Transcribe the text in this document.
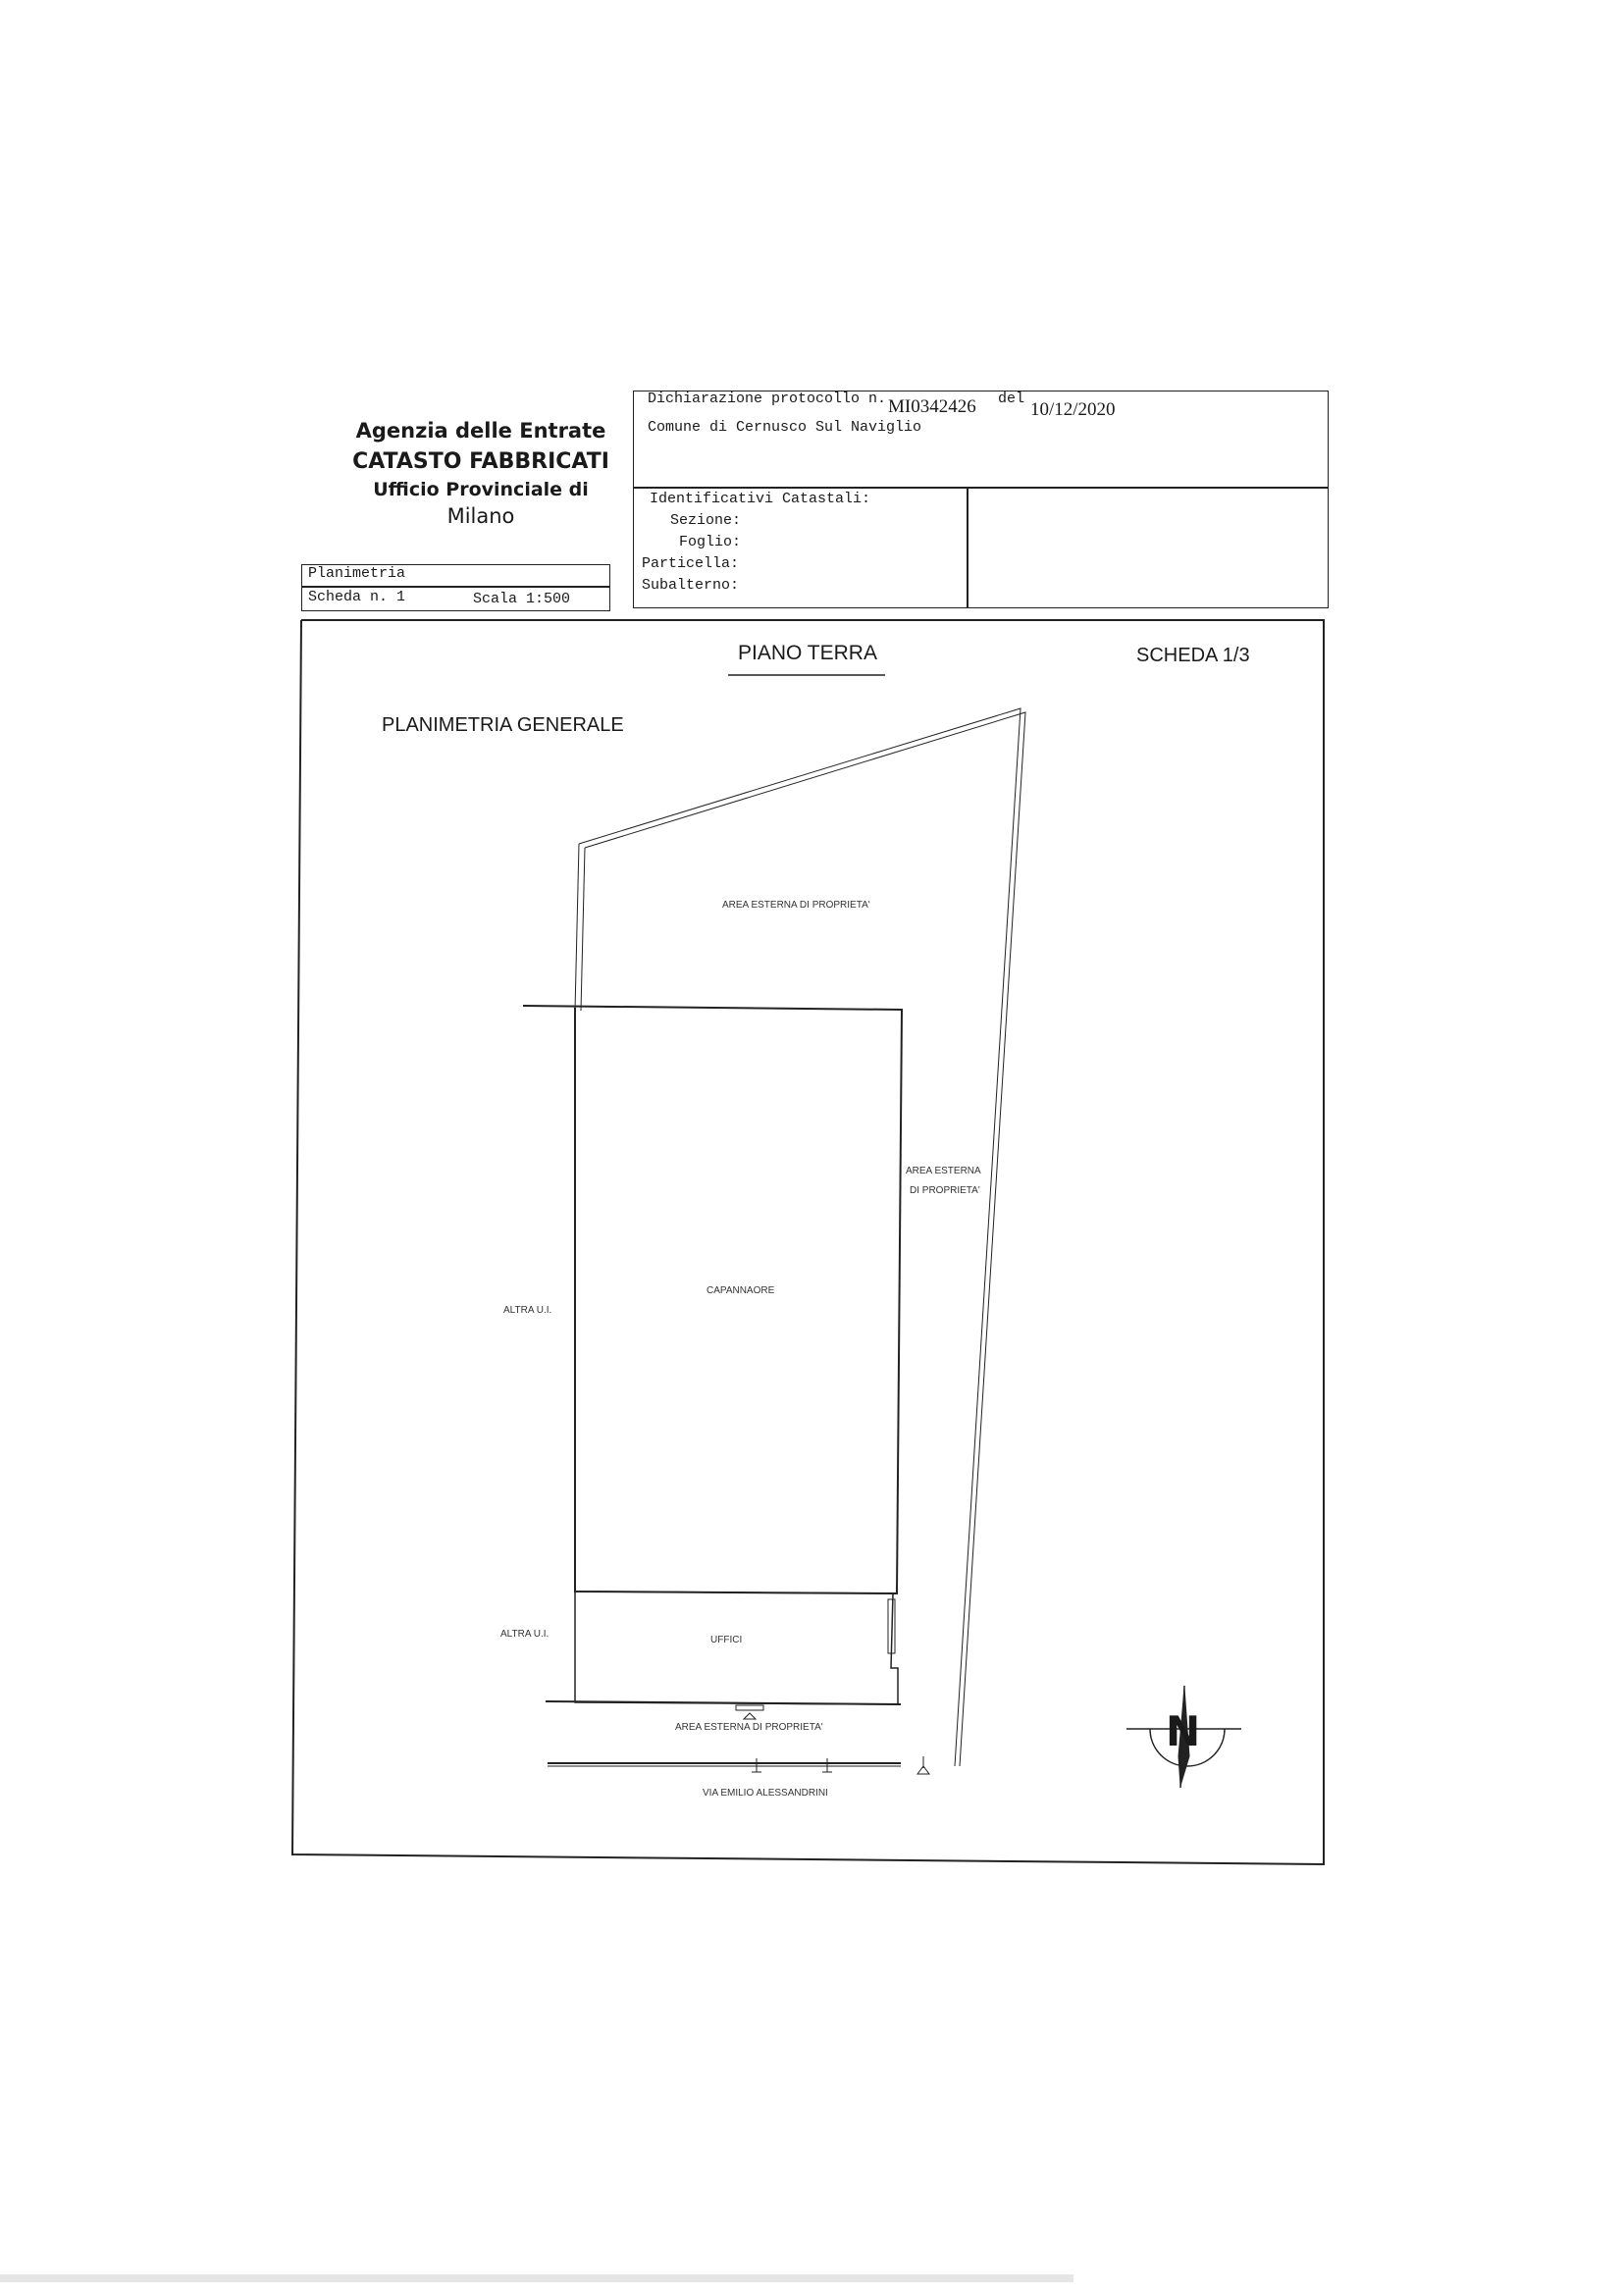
Agenzia delle Entrate
CATASTO FABBRICATI
Ufficio Provinciale di
Milano
Dichiarazione protocollo n. MI0342426 del
10/12/2020
Comune di Cernusco Sul Naviglio
Identificativi Catastali:
Sezione:
Foglio:
Particella:
Subalterno:
Planimetria
Scheda n. 1	Scala 1:500
PIANO TERRA	SCHEDA 1/3
PLANIMETRIA GENERALE
AREA ESTERNA DI PROPRIETA'
AREA ESTERNA
DI PROPRIETA'
CAPANNAORE
ALTRA U.I.
ALTRA U.I.
UFFICI
AREA ESTERNA DI PROPRIETA'
VIA EMILIO ALESSANDRINI
N
